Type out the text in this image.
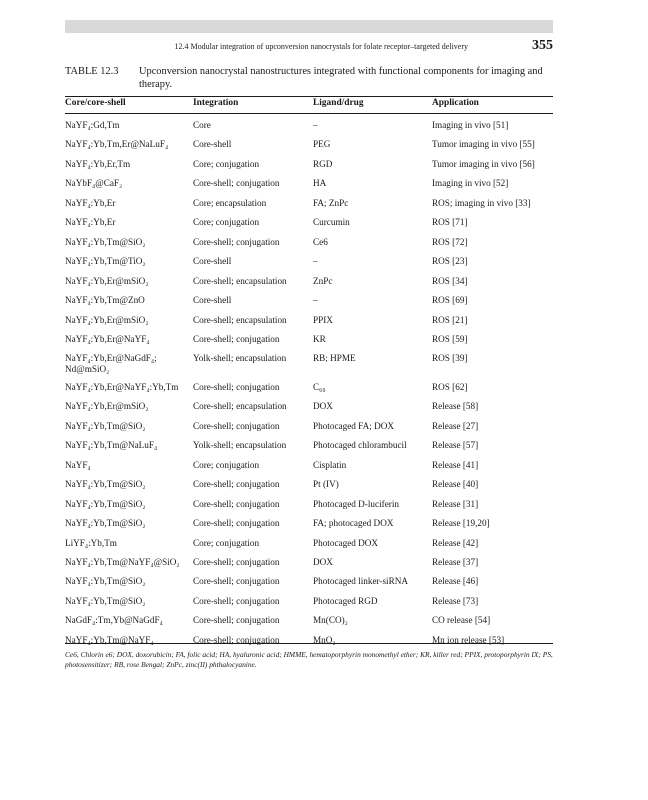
12.4 Modular integration of upconversion nanocrystals for folate receptor–targeted delivery	355
TABLE 12.3 Upconversion nanocrystal nanostructures integrated with functional components for imaging and therapy.
Core/core-shell	Integration	Ligand/drug	Application
NaYF₄:Gd,Tm	Core	–	Imaging in vivo [51]
NaYF₄:Yb,Tm,Er@NaLuF₄	Core-shell	PEG	Tumor imaging in vivo [55]
NaYF₄:Yb,Er,Tm	Core; conjugation	RGD	Tumor imaging in vivo [56]
NaYbF₄@CaF₂	Core-shell; conjugation	HA	Imaging in vivo [52]
NaYF₄:Yb,Er	Core; encapsulation	FA; ZnPc	ROS; imaging in vivo [33]
NaYF₄:Yb,Er	Core; conjugation	Curcumin	ROS [71]
NaYF₄:Yb,Tm@SiO₂	Core-shell; conjugation	Ce6	ROS [72]
NaYF₄:Yb,Tm@TiO₂	Core-shell	–	ROS [23]
NaYF₄:Yb,Er@mSiO₂	Core-shell; encapsulation	ZnPc	ROS [34]
NaYF₄:Yb,Tm@ZnO	Core-shell	–	ROS [69]
NaYF₄:Yb,Er@mSiO₂	Core-shell; encapsulation	PPIX	ROS [21]
NaYF₄:Yb,Er@NaYF₄	Core-shell; conjugation	KR	ROS [59]
NaYF₄:Yb,Er@NaGdF₄;	Yolk-shell; encapsulation	RB; HPME	ROS [39]
Nd@mSiO₂
NaYF₄:Yb,Er@NaYF₄:Yb,Tm Core-shell; conjugation	C₆₀	ROS [62]
NaYF₄:Yb,Er@mSiO₂	Core-shell; encapsulation	DOX	Release [58]
NaYF₄:Yb,Tm@SiO₂	Core-shell; conjugation	Photocaged FA; DOX	Release [27]
NaYF₄:Yb,Tm@NaLuF₄	Yolk-shell; encapsulation	Photocaged chlorambucil	Release [57]
NaYF₄	Core; conjugation	Cisplatin	Release [41]
NaYF₄:Yb,Tm@SiO₂	Core-shell; conjugation	Pt (IV)	Release [40]
NaYF₄:Yb,Tm@SiO₂	Core-shell; conjugation	Photocaged D-luciferin	Release [31]
NaYF₄:Yb,Tm@SiO₂	Core-shell; conjugation	FA; photocaged DOX	Release [19,20]
LiYF₄:Yb,Tm	Core; conjugation	Photocaged DOX	Release [42]
NaYF₄:Yb,Tm@NaYF₄@SiO₂ Core-shell; conjugation	DOX	Release [37]
NaYF₄:Yb,Tm@SiO₂	Core-shell; conjugation	Photocaged linker-siRNA	Release [46]
NaYF₄:Yb,Tm@SiO₂	Core-shell; conjugation	Photocaged RGD	Release [73]
NaGdF₄:Tm,Yb@NaGdF₄	Core-shell; conjugation	Mn(CO)₂	CO release [54]
NaYF₄:Yb,Tm@NaYF₄	Core-shell; conjugation	MnO₂	Mn ion release [53]
Ce6, Chlorin e6; DOX, doxorubicin; FA, folic acid; HA, hyaluronic acid; HMME, hematoporphyrin monomethyl ether; KR, killer red; PPIX, protoporphyrin IX; PS, photosensitizer; RB, rose Bengal; ZnPc, zinc(II) phthalocyanine.
